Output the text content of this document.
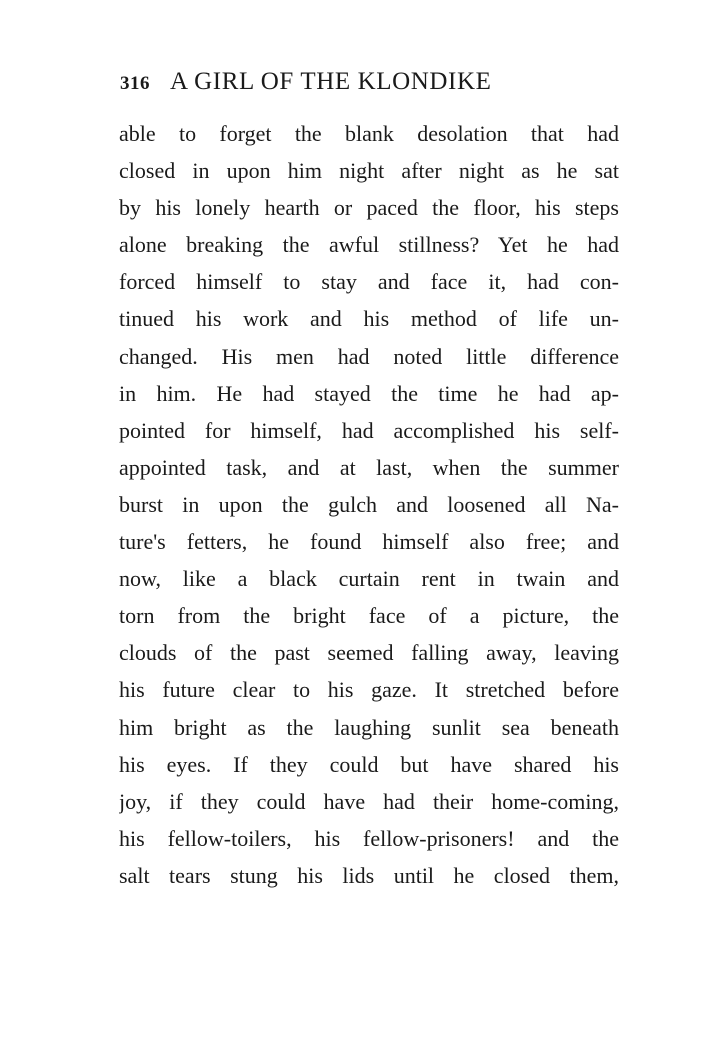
316 A GIRL OF THE KLONDIKE
able to forget the blank desolation that had
closed in upon him night after night as he sat
by his lonely hearth or paced the floor, his steps
alone breaking the awful stillness? Yet he had
forced himself to stay and face it, had con-
tinued his work and his method of life un-
changed. His men had noted little difference
in him. He had stayed the time he had ap-
pointed for himself, had accomplished his self-
appointed task, and at last, when the summer
burst in upon the gulch and loosened all Na-
ture's fetters, he found himself also free; and
now, like a black curtain rent in twain and
torn from the bright face of a picture, the
clouds of the past seemed falling away, leaving
his future clear to his gaze. It stretched before
him bright as the laughing sunlit sea beneath
his eyes. If they could but have shared his
joy, if they could have had their home-coming,
his fellow-toilers, his fellow-prisoners! and the
salt tears stung his lids until he closed them,
